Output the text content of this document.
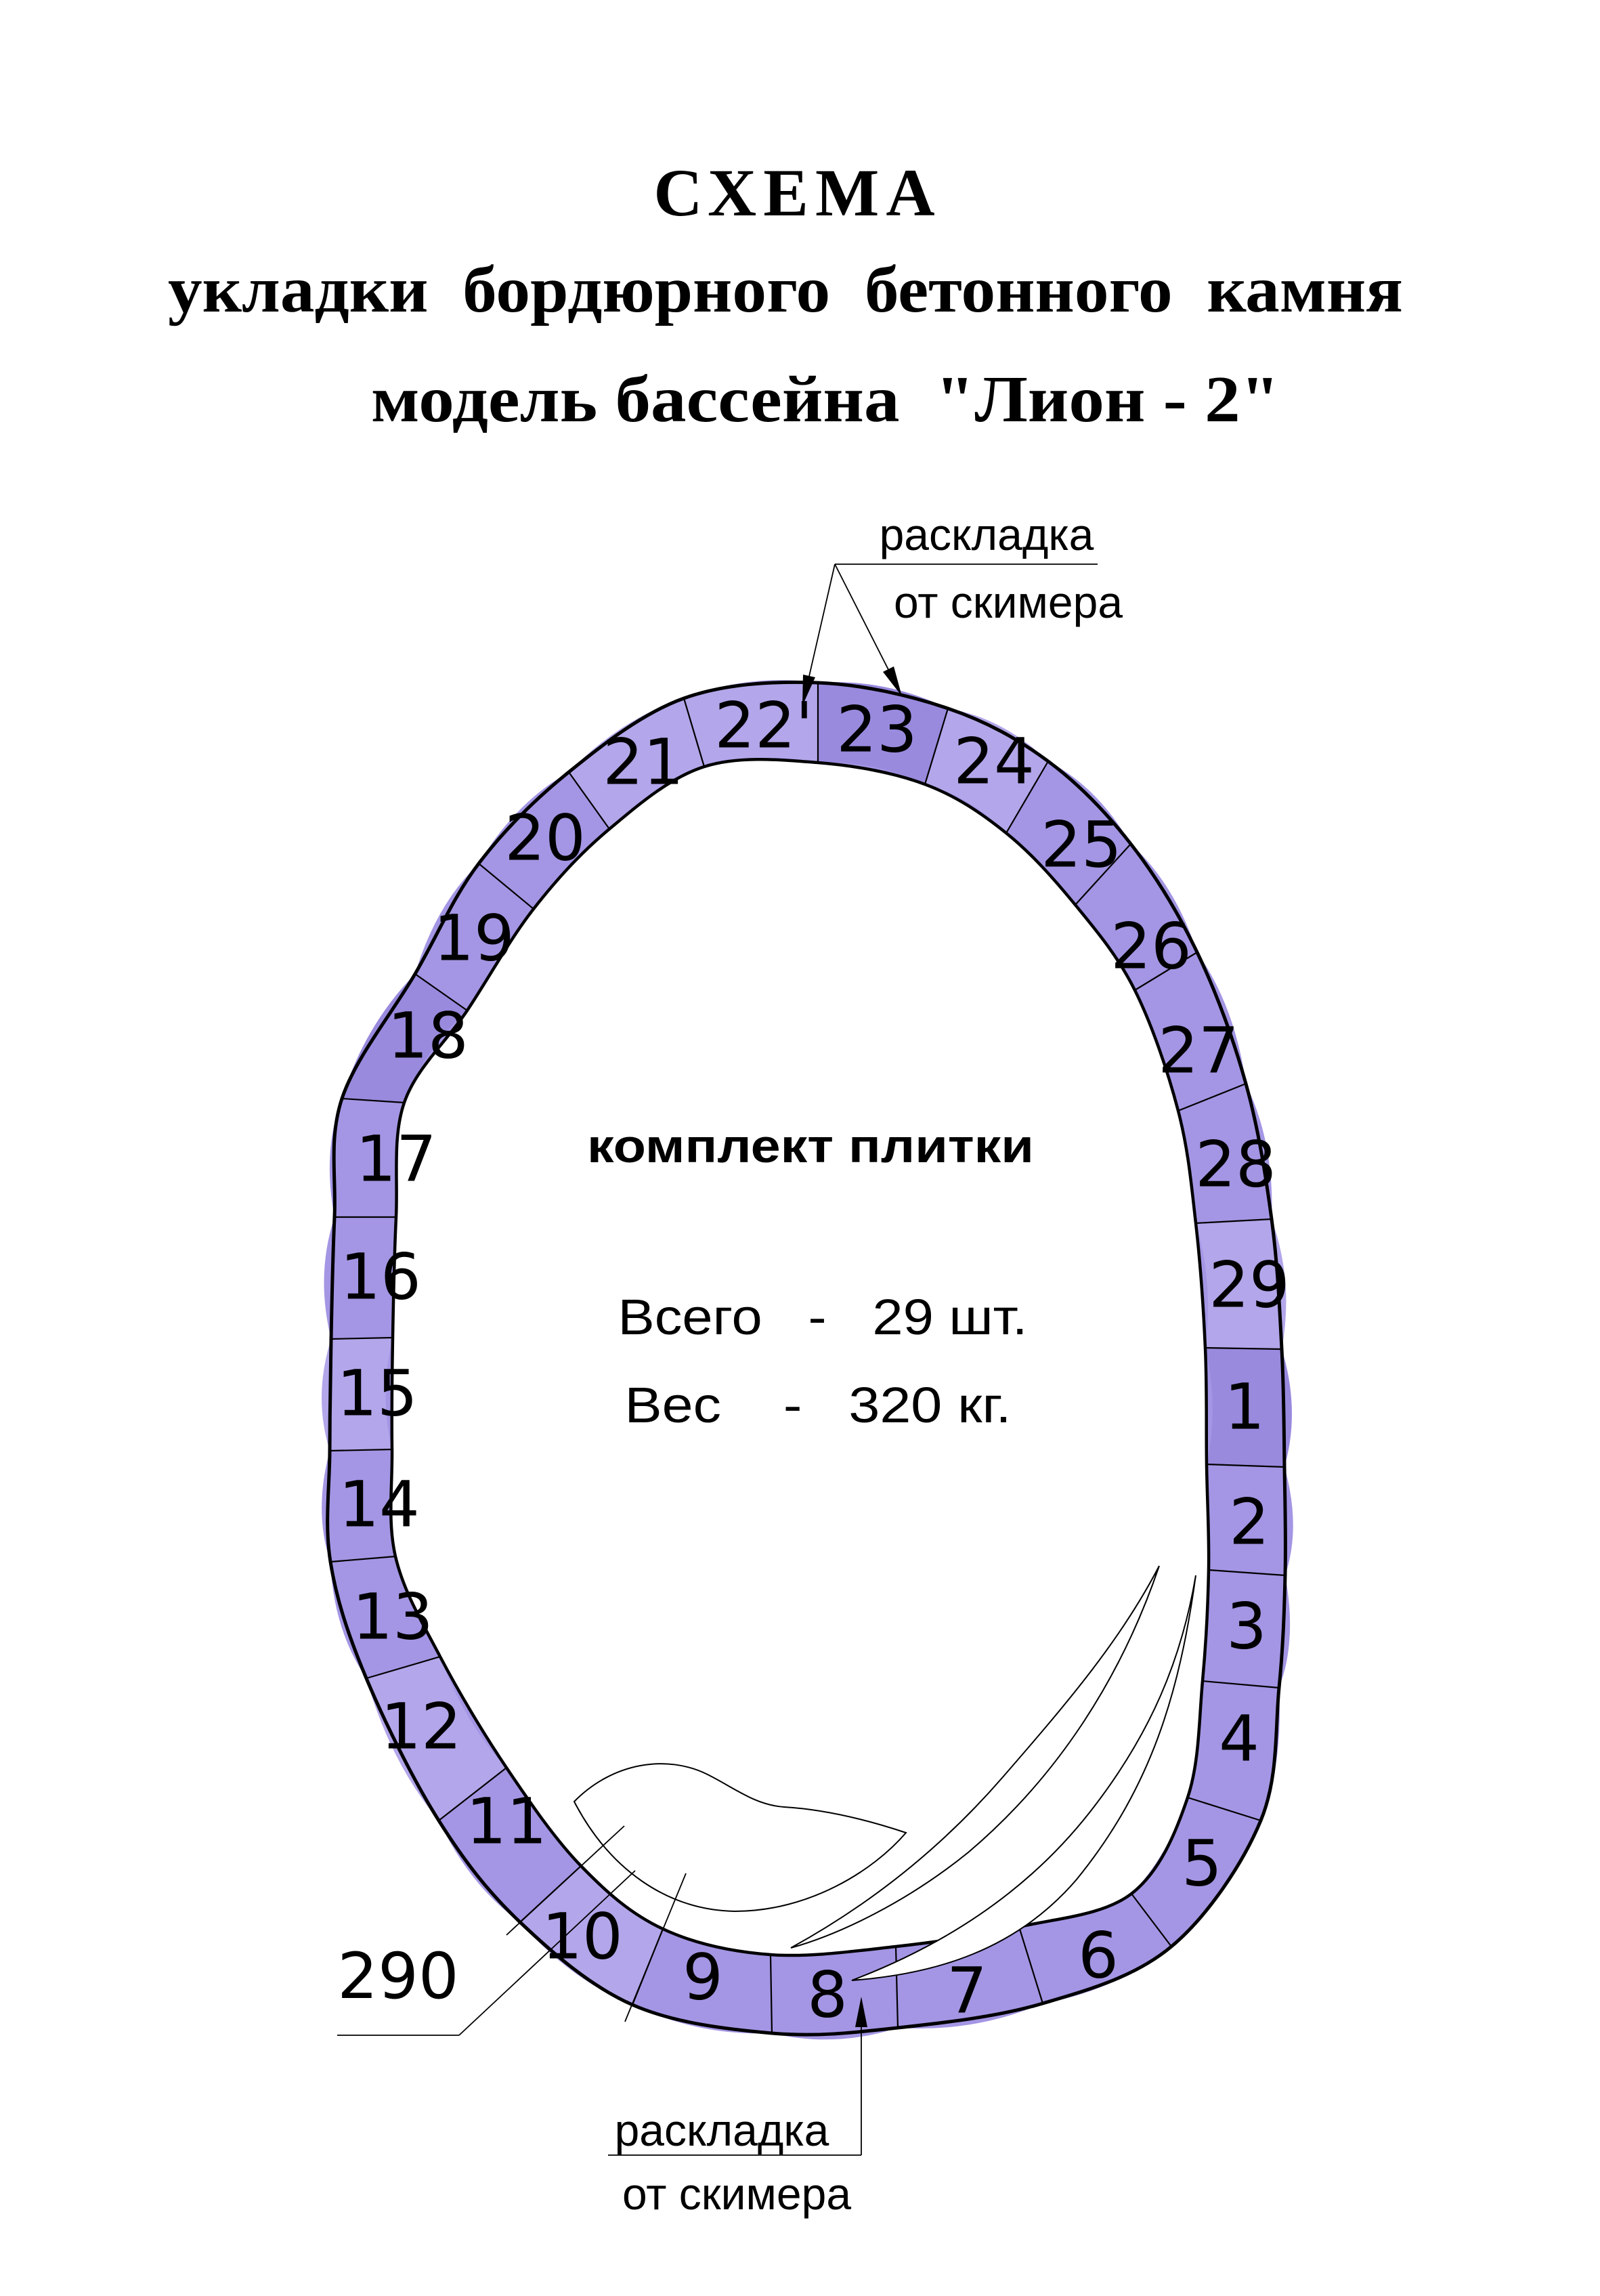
СХЕМА
укладки  бордюрного  бетонного  камня
модель бассейна  "Лион - 2"
1
2
3
4
5
6
7
8
9
10
11
12
13
14
15
16
17
18
19
20
21 22' 23 24
25
26
27
28
29
комплект плитки
Всего   -   29 шт.
Вес    -   320 кг.
раскладка
от скимера
раскладка
от скимера
290
